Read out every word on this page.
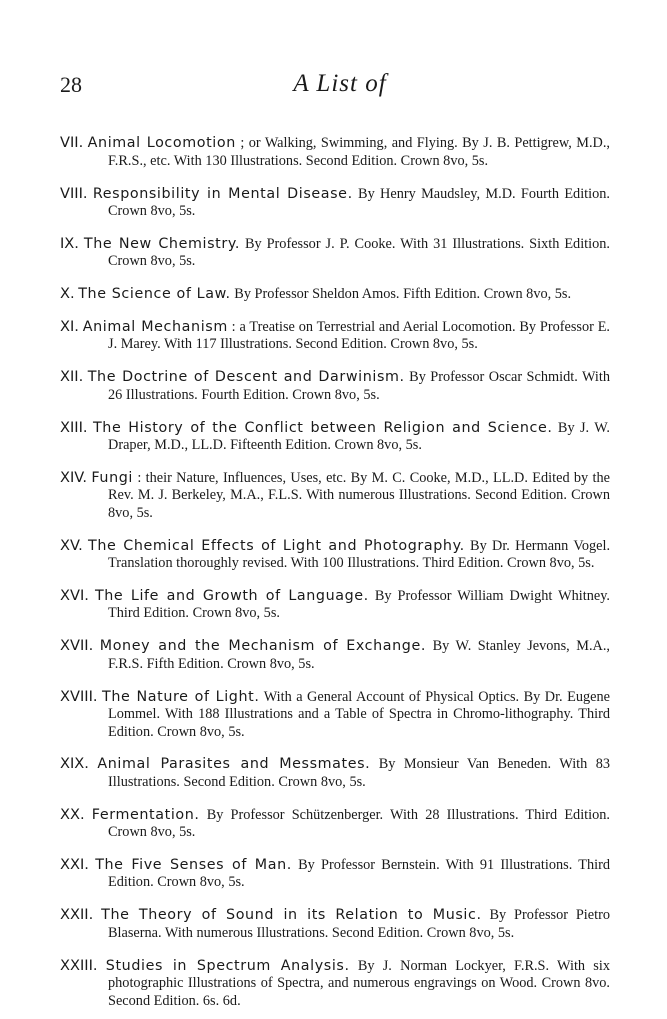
28	A List of

VII. Animal Locomotion ; or Walking, Swimming, and Flying. By J. B. Pettigrew, M.D., F.R.S., etc. With 130 Illustrations. Second Edition. Crown 8vo, 5s.

VIII. Responsibility in Mental Disease. By Henry Maudsley, M.D. Fourth Edition. Crown 8vo, 5s.

IX. The New Chemistry. By Professor J. P. Cooke. With 31 Illustrations. Sixth Edition. Crown 8vo, 5s.

X. The Science of Law. By Professor Sheldon Amos. Fifth Edition. Crown 8vo, 5s.

XI. Animal Mechanism : a Treatise on Terrestrial and Aerial Locomotion. By Professor E. J. Marey. With 117 Illustrations. Second Edition. Crown 8vo, 5s.

XII. The Doctrine of Descent and Darwinism. By Professor Oscar Schmidt. With 26 Illustrations. Fourth Edition. Crown 8vo, 5s.

XIII. The History of the Conflict between Religion and Science. By J. W. Draper, M.D., LL.D. Fifteenth Edition. Crown 8vo, 5s.

XIV. Fungi : their Nature, Influences, Uses, etc. By M. C. Cooke, M.D., LL.D. Edited by the Rev. M. J. Berkeley, M.A., F.L.S. With numerous Illustrations. Second Edition. Crown 8vo, 5s.

XV. The Chemical Effects of Light and Photography. By Dr. Hermann Vogel. Translation thoroughly revised. With 100 Illustrations. Third Edition. Crown 8vo, 5s.

XVI. The Life and Growth of Language. By Professor William Dwight Whitney. Third Edition. Crown 8vo, 5s.

XVII. Money and the Mechanism of Exchange. By W. Stanley Jevons, M.A., F.R.S. Fifth Edition. Crown 8vo, 5s.

XVIII. The Nature of Light. With a General Account of Physical Optics. By Dr. Eugene Lommel. With 188 Illustrations and a Table of Spectra in Chromo-lithography. Third Edition. Crown 8vo, 5s.

XIX. Animal Parasites and Messmates. By Monsieur Van Beneden. With 83 Illustrations. Second Edition. Crown 8vo, 5s.

XX. Fermentation. By Professor Schützenberger. With 28 Illustrations. Third Edition. Crown 8vo, 5s.

XXI. The Five Senses of Man. By Professor Bernstein. With 91 Illustrations. Third Edition. Crown 8vo, 5s.

XXII. The Theory of Sound in its Relation to Music. By Professor Pietro Blaserna. With numerous Illustrations. Second Edition. Crown 8vo, 5s.

XXIII. Studies in Spectrum Analysis. By J. Norman Lockyer, F.R.S. With six photographic Illustrations of Spectra, and numerous engravings on Wood. Crown 8vo. Second Edition. 6s. 6d.
